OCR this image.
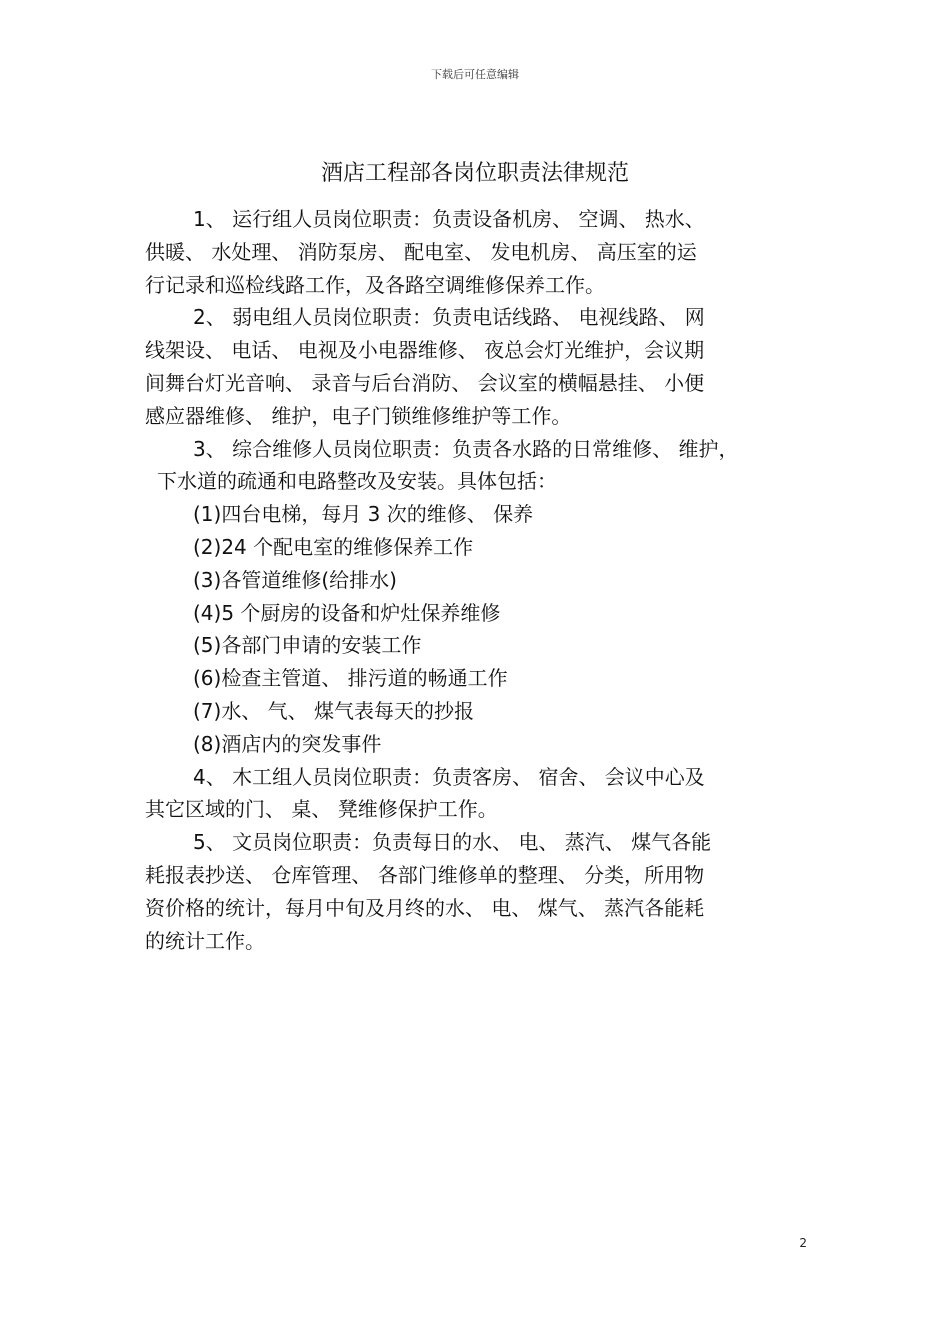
下载后可任意编辑
酒店工程部各岗位职责法律规范
1、 运行组人员岗位职责：负责设备机房、 空调、 热水、
供暖、 水处理、 消防泵房、 配电室、 发电机房、 高压室的运
行记录和巡检线路工作，及各路空调维修保养工作。
2、 弱电组人员岗位职责：负责电话线路、 电视线路、 网
线架设、 电话、 电视及小电器维修、 夜总会灯光维护，会议期
间舞台灯光音响、 录音与后台消防、 会议室的横幅悬挂、 小便
感应器维修、 维护，电子门锁维修维护等工作。
3、 综合维修人员岗位职责：负责各水路的日常维修、 维护，
下水道的疏通和电路整改及安装。具体包括：
(1)四台电梯，每月 3 次的维修、 保养
(2)24 个配电室的维修保养工作
(3)各管道维修(给排水)
(4)5 个厨房的设备和炉灶保养维修
(5)各部门申请的安装工作
(6)检查主管道、 排污道的畅通工作
(7)水、 气、 煤气表每天的抄报
(8)酒店内的突发事件
4、 木工组人员岗位职责：负责客房、 宿舍、 会议中心及
其它区域的门、 桌、 凳维修保护工作。
5、 文员岗位职责：负责每日的水、 电、 蒸汽、 煤气各能
耗报表抄送、 仓库管理、 各部门维修单的整理、 分类，所用物
资价格的统计，每月中旬及月终的水、 电、 煤气、 蒸汽各能耗
的统计工作。
2
